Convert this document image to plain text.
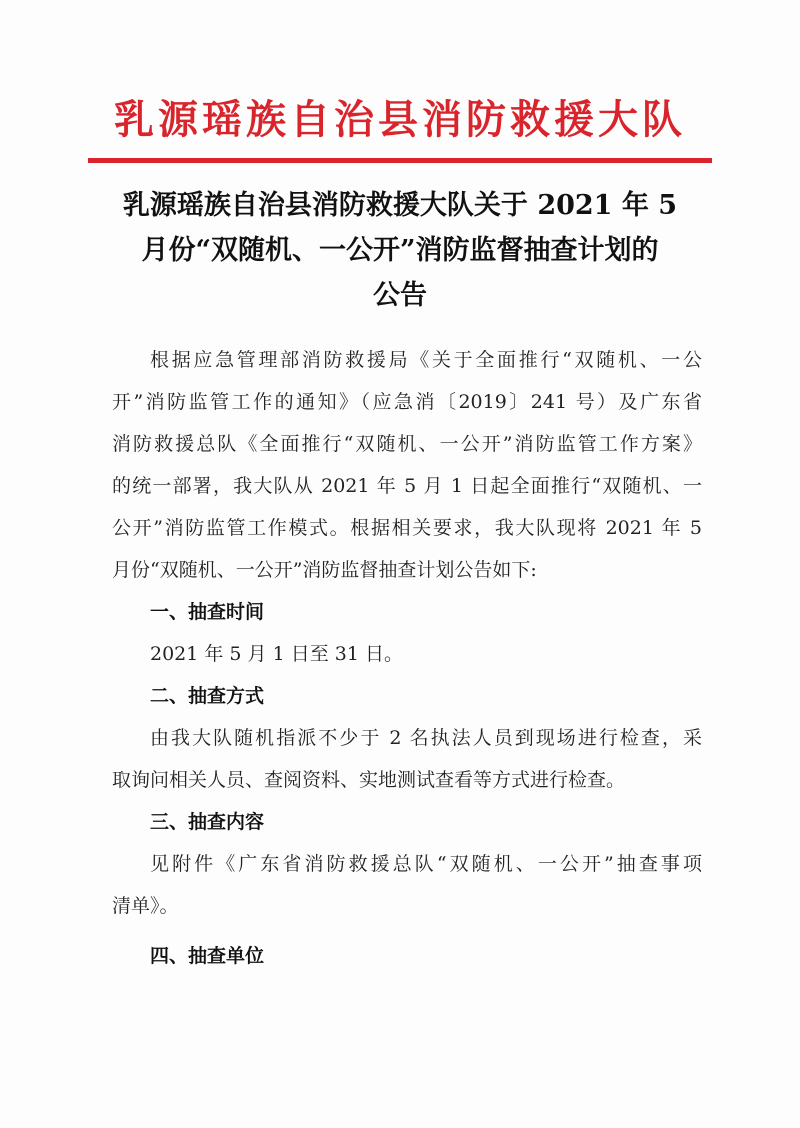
乳源瑶族自治县消防救援大队
乳源瑶族自治县消防救援大队关于 2021 年 5
月份“双随机、一公开”消防监督抽查计划的
公告
根据应急管理部消防救援局《关于全面推行“双随机、一公
开”消防监管工作的通知》（应急消〔2019〕241 号）及广东省
消防救援总队《全面推行“双随机、一公开”消防监管工作方案》
的统一部署，我大队从 2021 年 5 月 1 日起全面推行“双随机、一
公开”消防监管工作模式。根据相关要求，我大队现将 2021 年 5
月份“双随机、一公开”消防监督抽查计划公告如下:
一、抽查时间
2021 年 5 月 1 日至 31 日。
二、抽查方式
由我大队随机指派不少于 2 名执法人员到现场进行检查，采
取询问相关人员、查阅资料、实地测试查看等方式进行检查。
三、抽查内容
见附件《广东省消防救援总队“双随机、一公开”抽查事项
清单》。
四、抽查单位
